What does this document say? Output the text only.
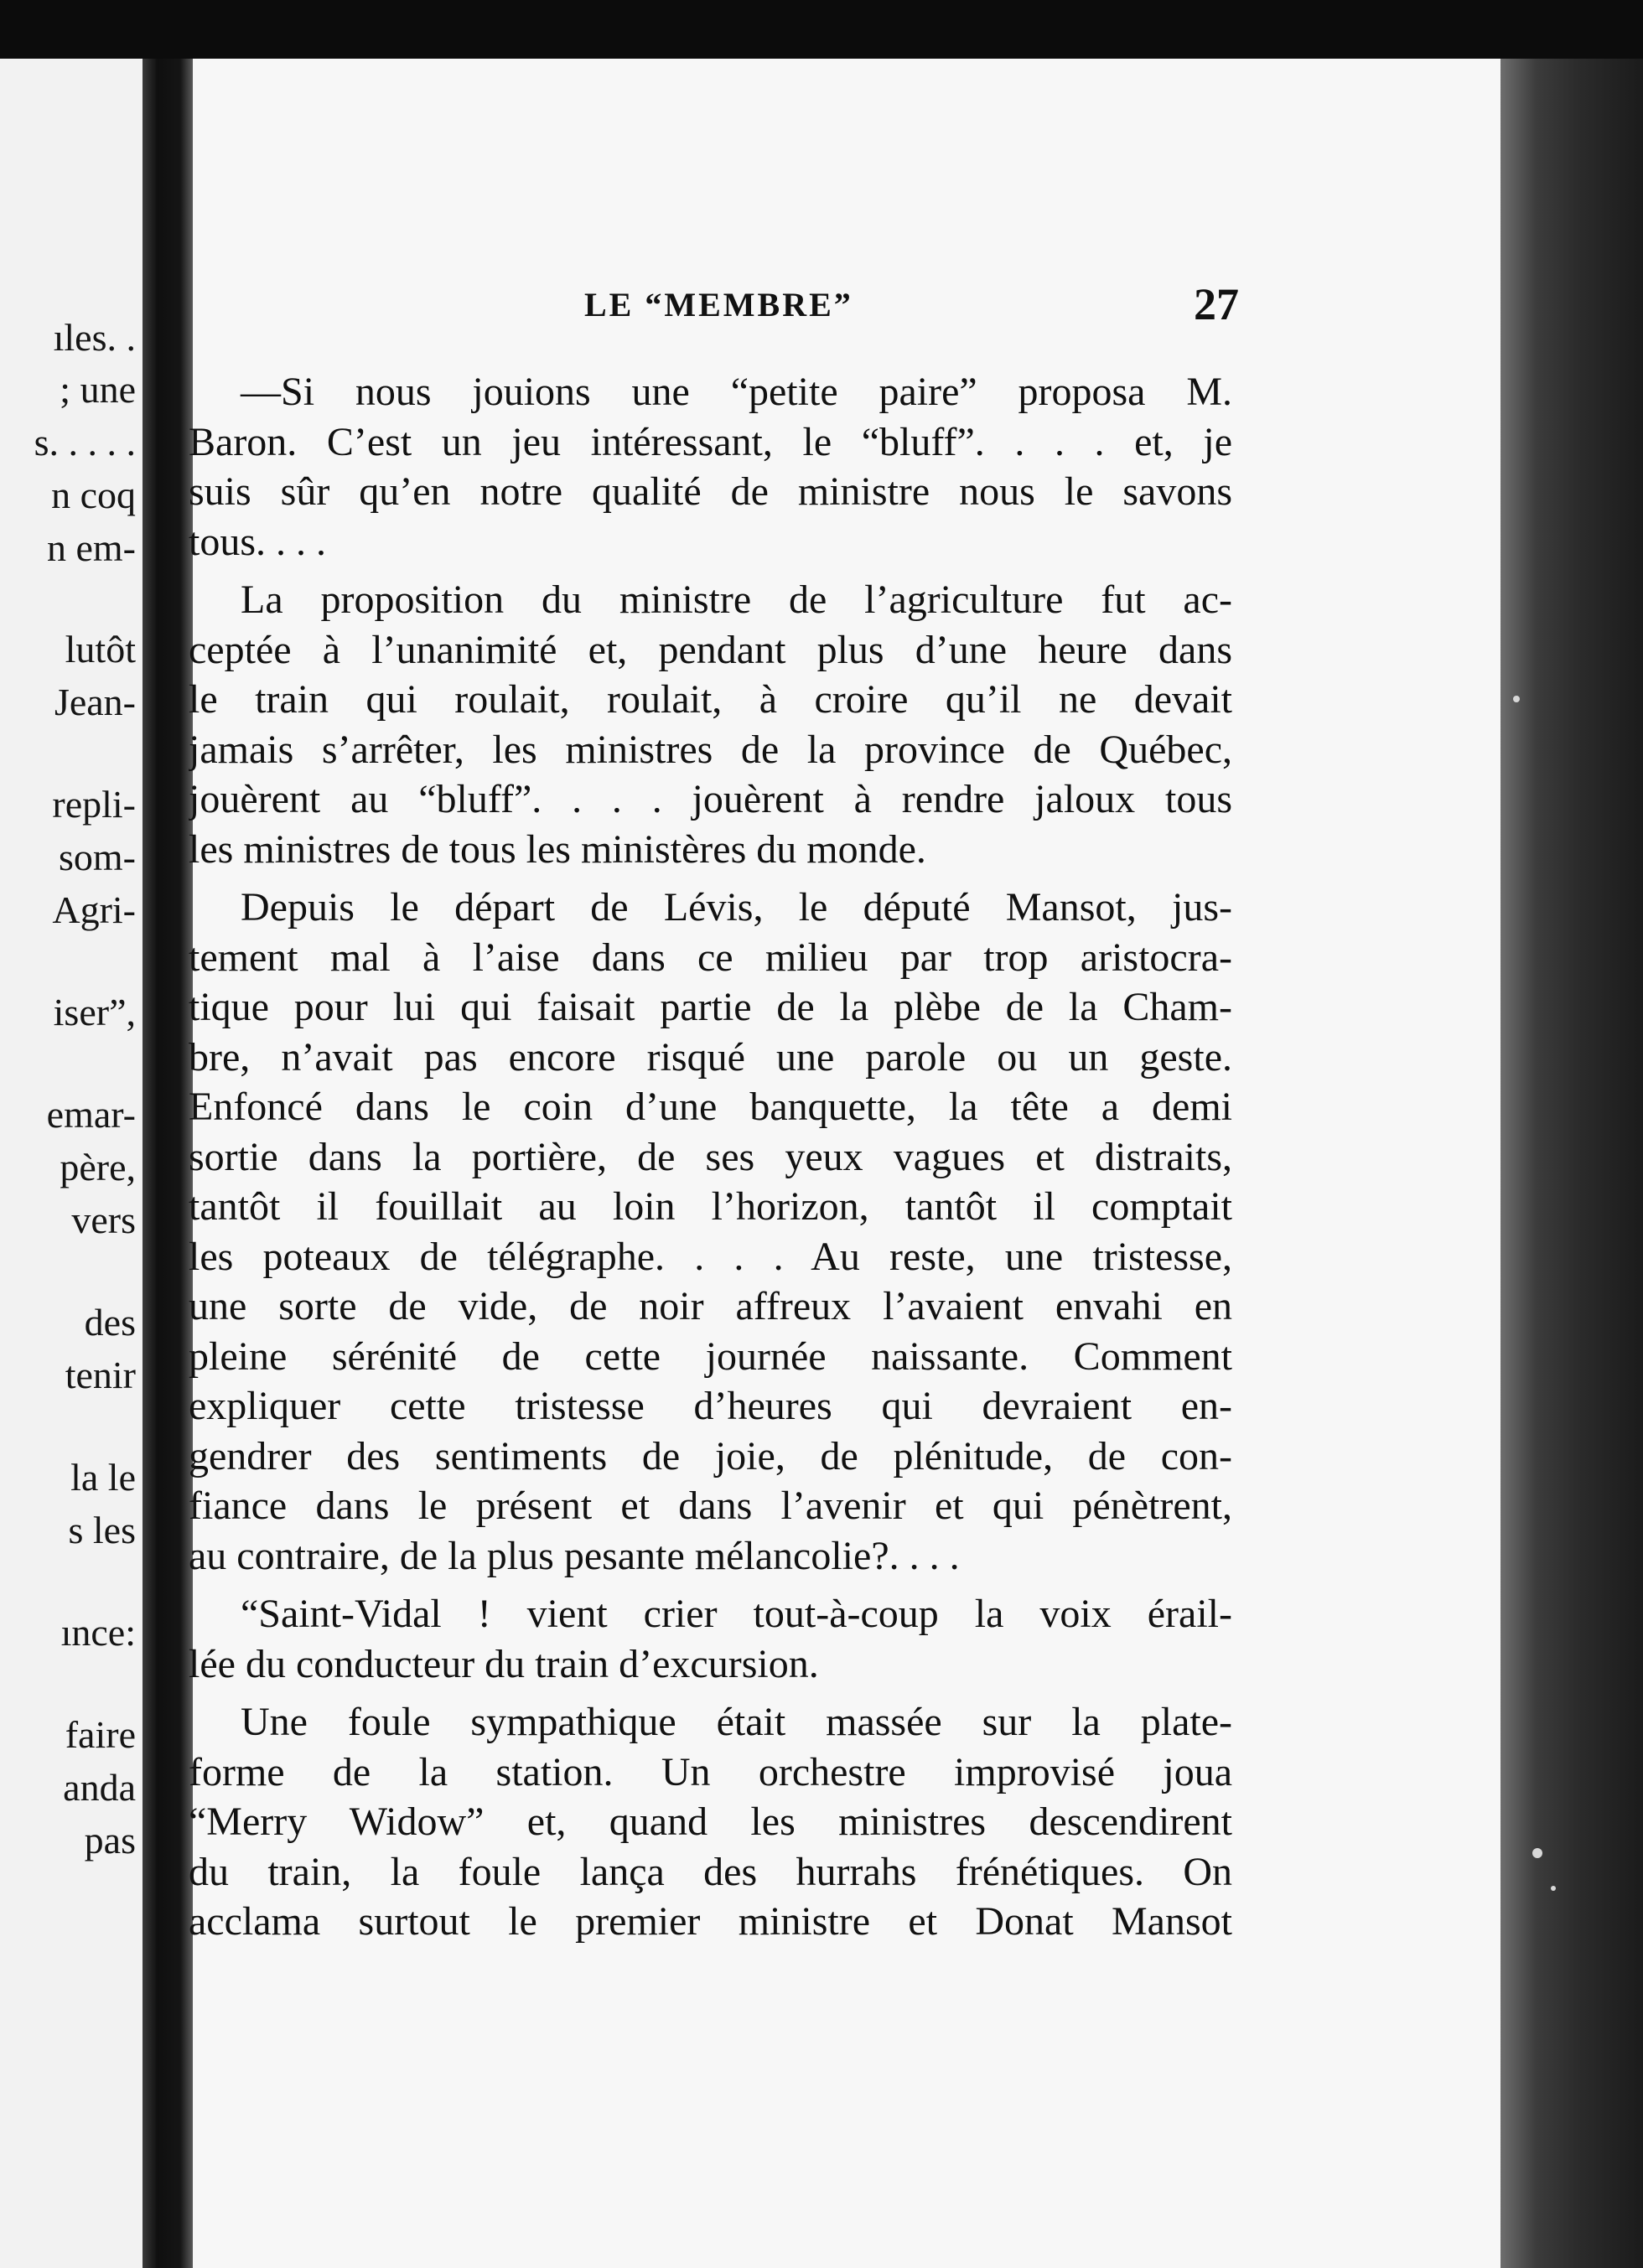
ıles. .
; une
s. . . . .
n coq
n em-
lutôt
Jean-
repli-
som-
Agri-
iser”,
emar-
père,
vers
des
tenir
la le
s les
ınce:
faire
anda
pas
LE “MEMBRE”	27
—Si nous jouions une “petite paire” proposa M.
Baron. C’est un jeu intéressant, le “bluff”. . . . et, je
suis sûr qu’en notre qualité de ministre nous le savons
tous. . . .
La proposition du ministre de l’agriculture fut ac-
ceptée à l’unanimité et, pendant plus d’une heure dans
le train qui roulait, roulait, à croire qu’il ne devait
jamais s’arrêter, les ministres de la province de Québec,
jouèrent au “bluff”. . . . jouèrent à rendre jaloux tous
les ministres de tous les ministères du monde.
Depuis le départ de Lévis, le député Mansot, jus-
tement mal à l’aise dans ce milieu par trop aristocra-
tique pour lui qui faisait partie de la plèbe de la Cham-
bre, n’avait pas encore risqué une parole ou un geste.
Enfoncé dans le coin d’une banquette, la tête a demi
sortie dans la portière, de ses yeux vagues et distraits,
tantôt il fouillait au loin l’horizon, tantôt il comptait
les poteaux de télégraphe. . . . Au reste, une tristesse,
une sorte de vide, de noir affreux l’avaient envahi en
pleine sérénité de cette journée naissante. Comment
expliquer cette tristesse d’heures qui devraient en-
gendrer des sentiments de joie, de plénitude, de con-
fiance dans le présent et dans l’avenir et qui pénètrent,
au contraire, de la plus pesante mélancolie?. . . .
“Saint-Vidal ! vient crier tout-à-coup la voix érail-
lée du conducteur du train d’excursion.
Une foule sympathique était massée sur la plate-
forme de la station. Un orchestre improvisé joua
“Merry Widow” et, quand les ministres descendirent
du train, la foule lança des hurrahs frénétiques. On
acclama surtout le premier ministre et Donat Mansot
